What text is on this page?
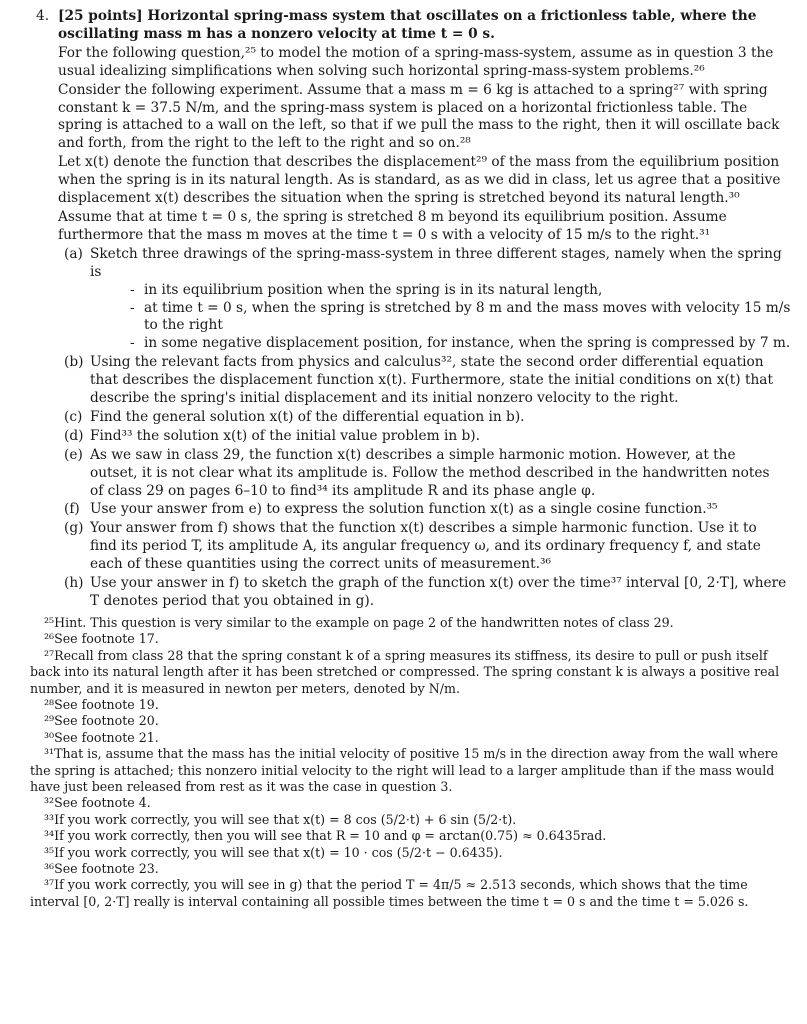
4. [25 points] Horizontal spring-mass system that oscillates on a frictionless table, where the
oscillating mass m has a nonzero velocity at time t = 0 s.
For the following question,²⁵ to model the motion of a spring-mass-system, assume as in question 3 the
usual idealizing simplifications when solving such horizontal spring-mass-system problems.²⁶
Consider the following experiment. Assume that a mass m = 6 kg is attached to a spring²⁷ with spring
constant k = 37.5 N/m, and the spring-mass system is placed on a horizontal frictionless table. The
spring is attached to a wall on the left, so that if we pull the mass to the right, then it will oscillate back
and forth, from the right to the left to the right and so on.²⁸
Let x(t) denote the function that describes the displacement²⁹ of the mass from the equilibrium position
when the spring is in its natural length. As is standard, as as we did in class, let us agree that a positive
displacement x(t) describes the situation when the spring is stretched beyond its natural length.³⁰
Assume that at time t = 0 s, the spring is stretched 8 m beyond its equilibrium position. Assume
furthermore that the mass m moves at the time t = 0 s with a velocity of 15 m/s to the right.³¹
(a) Sketch three drawings of the spring-mass-system in three different stages, namely when the spring
is
- in its equilibrium position when the spring is in its natural length,
- at time t = 0 s, when the spring is stretched by 8 m and the mass moves with velocity 15 m/s
to the right
- in some negative displacement position, for instance, when the spring is compressed by 7 m.
(b) Using the relevant facts from physics and calculus³², state the second order differential equation
that describes the displacement function x(t). Furthermore, state the initial conditions on x(t) that
describe the spring's initial displacement and its initial nonzero velocity to the right.
(c) Find the general solution x(t) of the differential equation in b).
(d) Find³³ the solution x(t) of the initial value problem in b).
(e) As we saw in class 29, the function x(t) describes a simple harmonic motion. However, at the
outset, it is not clear what its amplitude is. Follow the method described in the handwritten notes
of class 29 on pages 6–10 to find³⁴ its amplitude R and its phase angle φ.
(f) Use your answer from e) to express the solution function x(t) as a single cosine function.³⁵
(g) Your answer from f) shows that the function x(t) describes a simple harmonic function. Use it to
find its period T, its amplitude A, its angular frequency ω, and its ordinary frequency f, and state
each of these quantities using the correct units of measurement.³⁶
(h) Use your answer in f) to sketch the graph of the function x(t) over the time³⁷ interval [0, 2·T], where
T denotes period that you obtained in g).
²⁵Hint. This question is very similar to the example on page 2 of the handwritten notes of class 29.
²⁶See footnote 17.
²⁷Recall from class 28 that the spring constant k of a spring measures its stiffness, its desire to pull or push itself
back into its natural length after it has been stretched or compressed. The spring constant k is always a positive real
number, and it is measured in newton per meters, denoted by N/m.
²⁸See footnote 19.
²⁹See footnote 20.
³⁰See footnote 21.
³¹That is, assume that the mass has the initial velocity of positive 15 m/s in the direction away from the wall where
the spring is attached; this nonzero initial velocity to the right will lead to a larger amplitude than if the mass would
have just been released from rest as it was the case in question 3.
³²See footnote 4.
³³If you work correctly, you will see that x(t) = 8 cos (5/2·t) + 6 sin (5/2·t).
³⁴If you work correctly, then you will see that R = 10 and φ = arctan(0.75) ≈ 0.6435rad.
³⁵If you work correctly, you will see that x(t) = 10 · cos (5/2·t − 0.6435).
³⁶See footnote 23.
³⁷If you work correctly, you will see in g) that the period T = 4π/5 ≈ 2.513 seconds, which shows that the time
interval [0, 2·T] really is interval containing all possible times between the time t = 0 s and the time t = 5.026 s.
